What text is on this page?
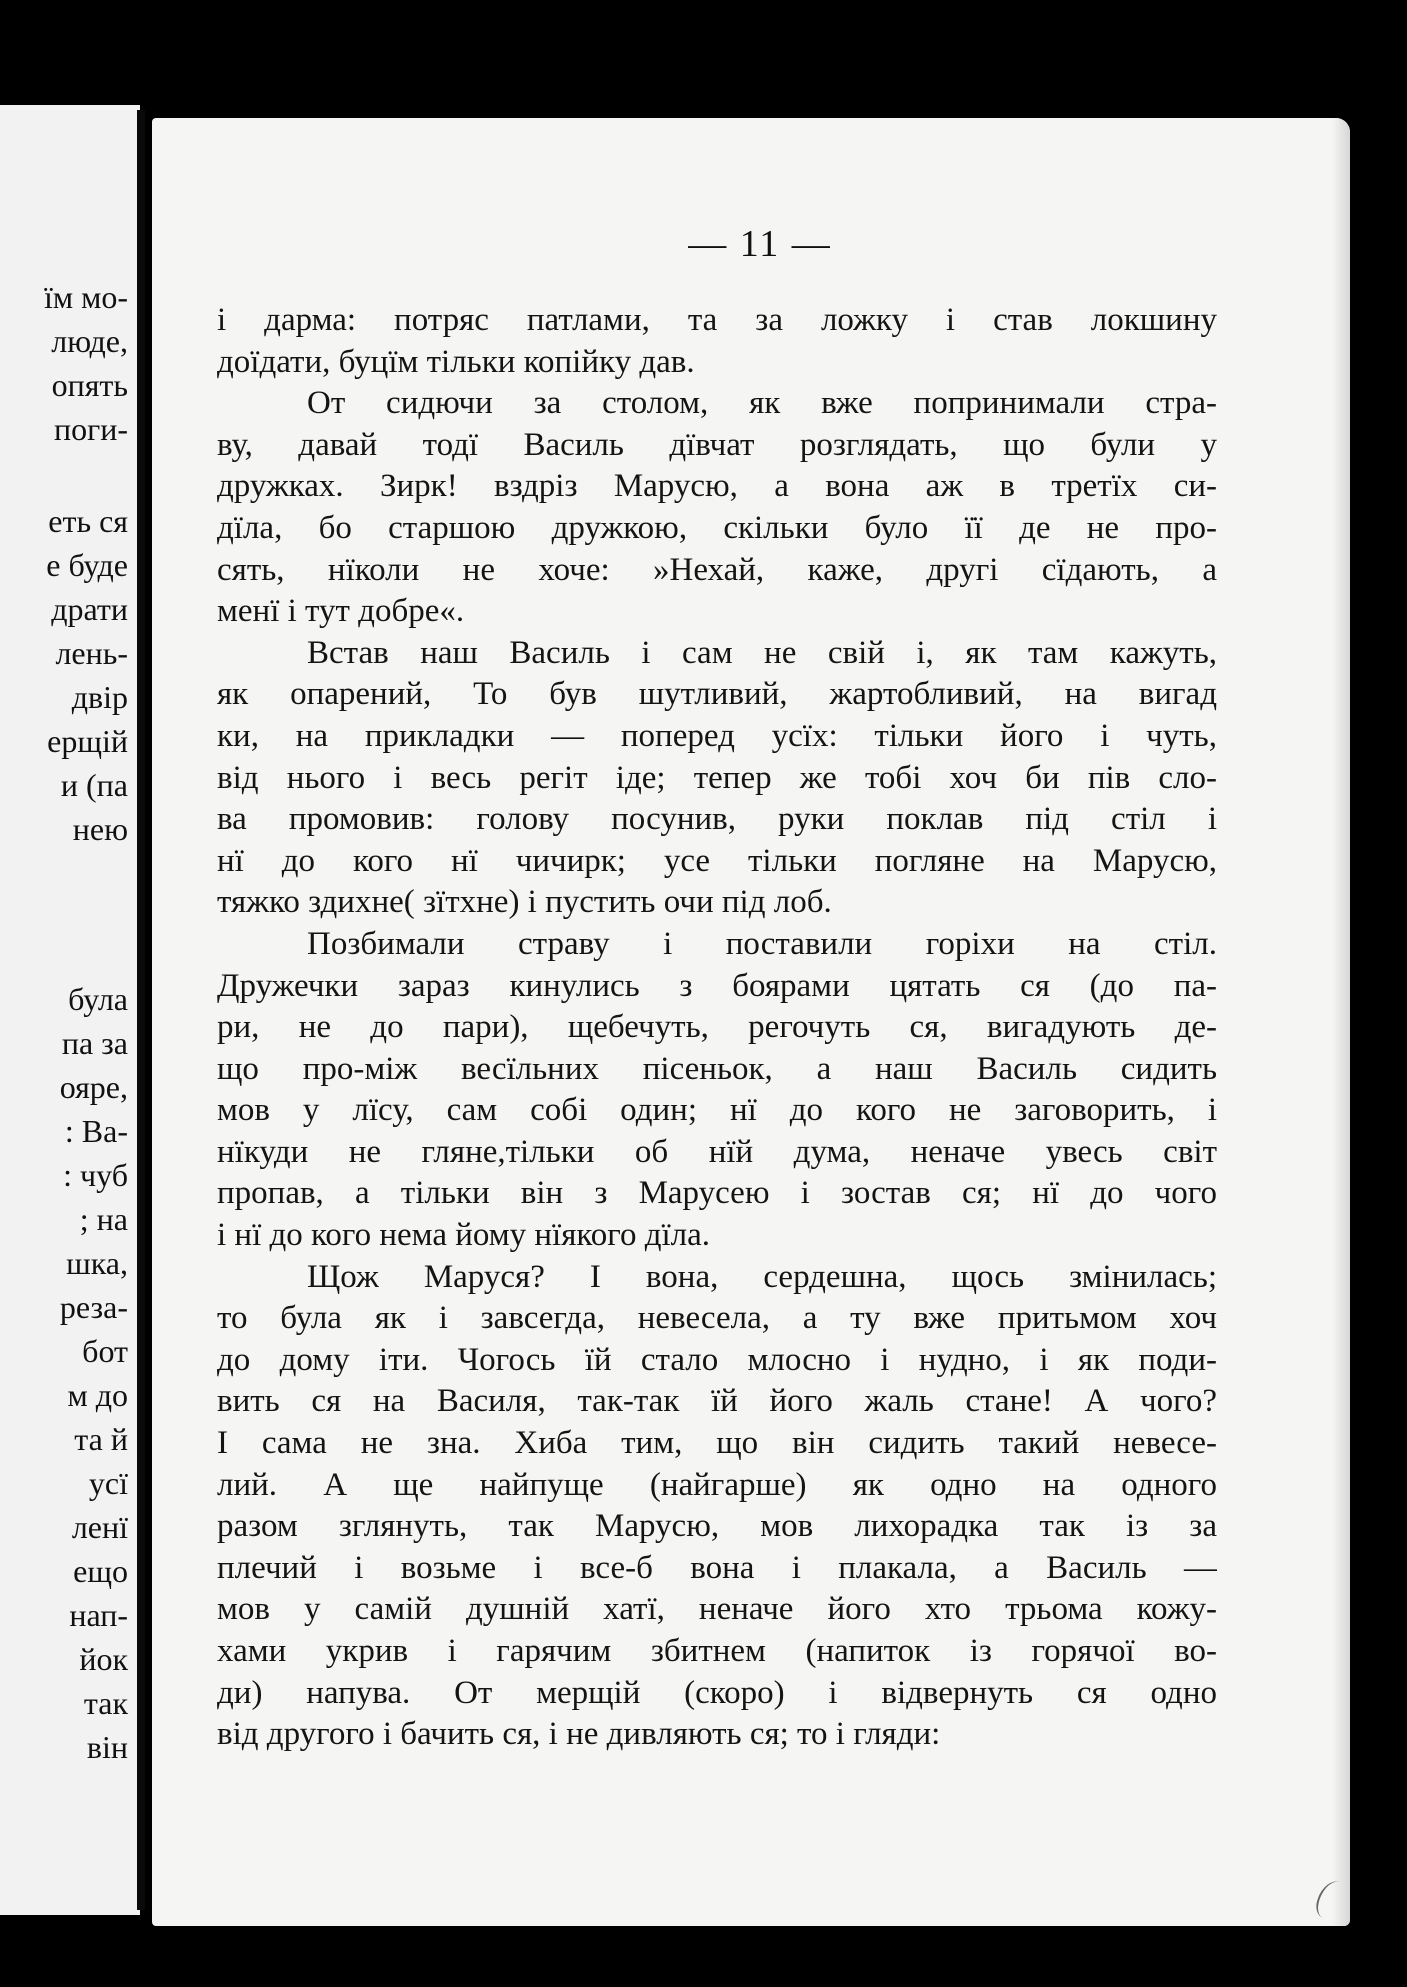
їм мо-
люде,
опять
поги-
еть ся
е буде
драти
лень-
двір
ерщій
и (па
нею
була
па за
ояре,
: Ва-
: чуб
; на
шка,
реза-
бот
м до
та й
усї
ленї
ещо
нап-
йок
так
він
— 11 —
і дарма: потряс патлами, та за ложку і став локшину
доїдати, буцїм тільки копійку дав.
От сидючи за столом, як вже попринимали стра-
ву, давай тодї Василь дївчат розглядать, що були у
дружках. Зирк! вздріз Марусю, а вона аж в третїх си-
дїла, бо старшою дружкою, скільки було її де не про-
сять, нїколи не хоче: »Нехай, каже, другі сїдають, а
менї і тут добре«.
Встав наш Василь і сам не свій і, як там кажуть,
як опарений, То був шутливий, жартобливий, на вигад
ки, на прикладки — поперед усїх: тільки його і чуть,
від нього і весь регіт іде; тепер же тобі хоч би пів сло-
ва промовив: голову посунив, руки поклав під стіл і
нї до кого нї чичирк; усе тільки погляне на Марусю,
тяжко здихне( зїтхне) і пустить очи під лоб.
Позбимали страву і поставили горіхи на стіл.
Дружечки зараз кинулись з боярами цятать ся (до па-
ри, не до пари), щебечуть, регочуть ся, вигадують де-
що про-між весїльних пісеньок, а наш Василь сидить
мов у лїсу, сам собі один; нї до кого не заговорить, і
нїкуди не гляне,тільки об нїй дума, неначе увесь світ
пропав, а тільки він з Марусею і зостав ся; нї до чого
і нї до кого нема йому нїякого дїла.
Щож Маруся? І вона, сердешна, щось змінилась;
то була як і завсегда, невесела, а ту вже притьмом хоч
до дому іти. Чогось їй стало млосно і нудно, і як поди-
вить ся на Василя, так-так їй його жаль стане! А чого?
І сама не зна. Хиба тим, що він сидить такий невесе-
лий. А ще найпуще (найгарше) як одно на одного
разом зглянуть, так Марусю, мов лихорадка так із за
плечий і возьме і все-б вона і плакала, а Василь —
мов у самій душній хатї, неначе його хто трьома кожу-
хами укрив і гарячим збитнем (напиток із горячої во-
ди) напува. От мерщій (скоро) і відвернуть ся одно
від другого і бачить ся, і не дивляють ся; то і гляди:
